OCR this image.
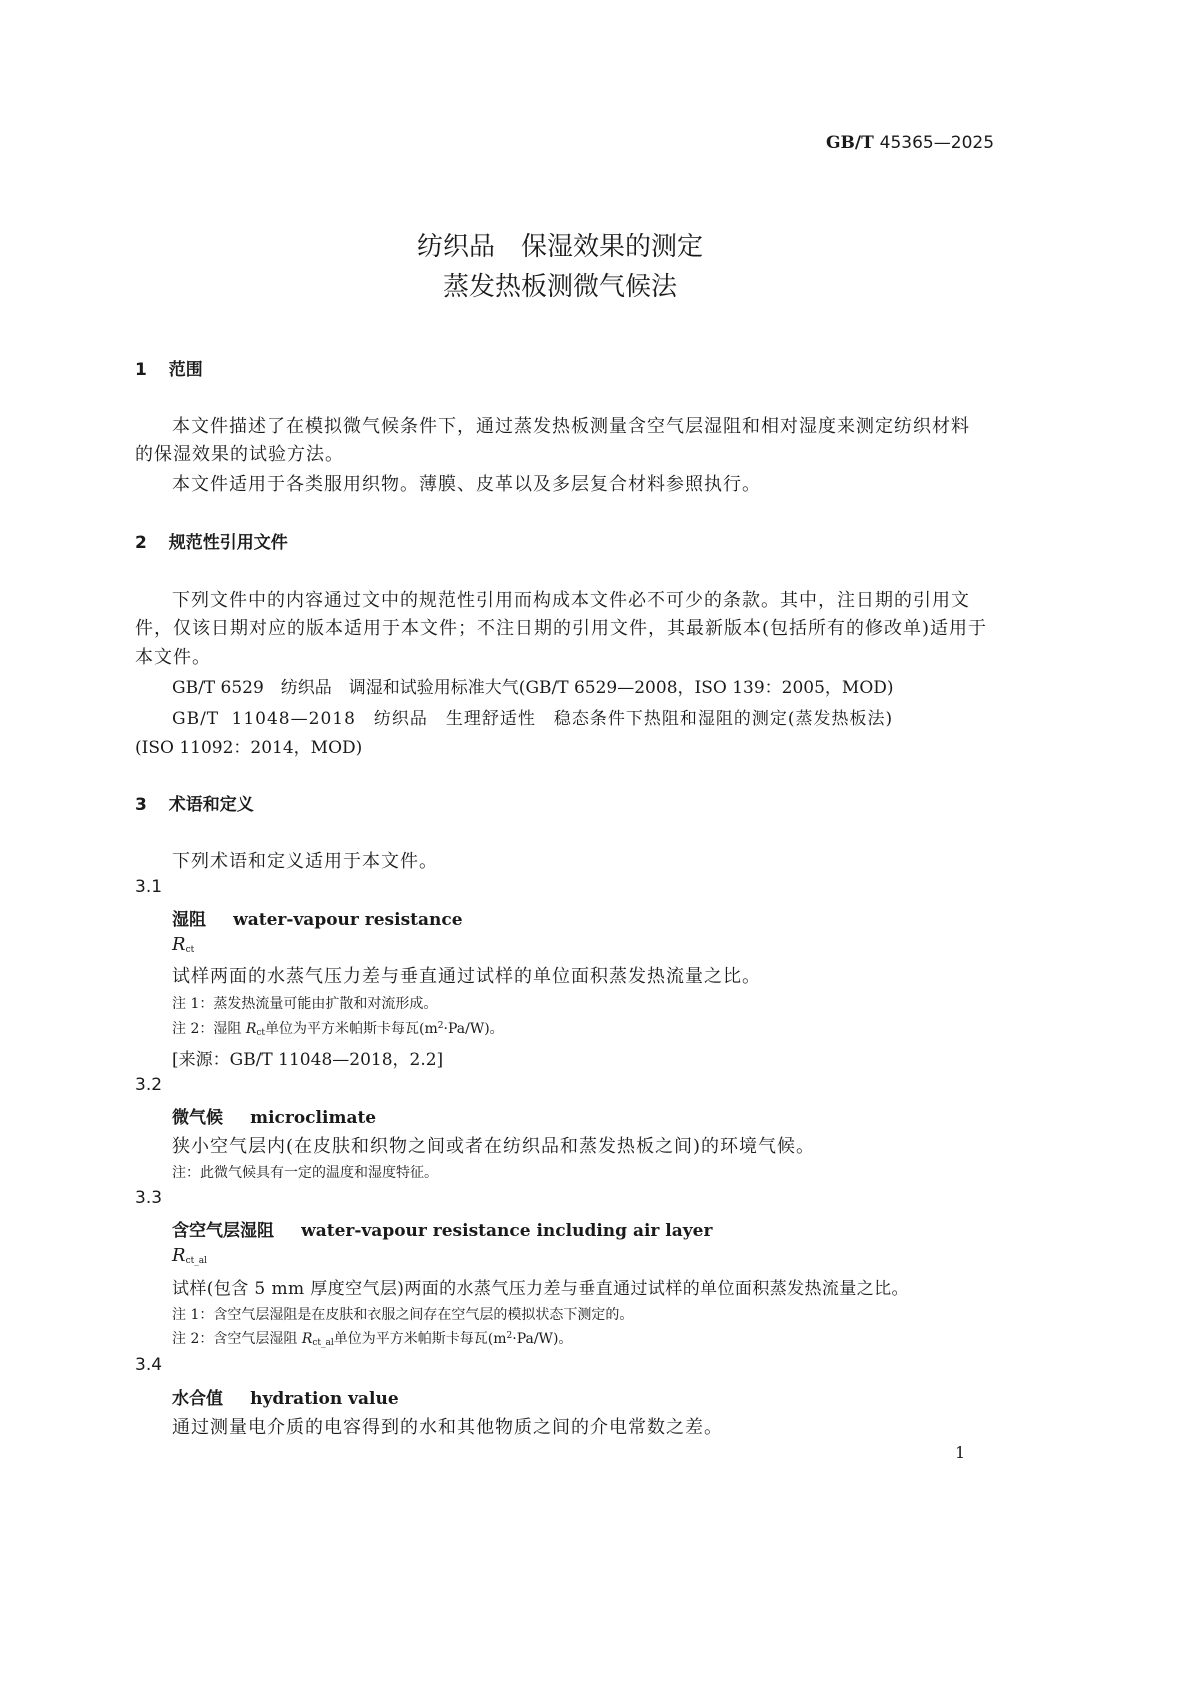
GB/T 45365—2025
纺织品　保湿效果的测定
蒸发热板测微气候法
1 范围
本文件描述了在模拟微气候条件下，通过蒸发热板测量含空气层湿阻和相对湿度来测定纺织材料
的保湿效果的试验方法。
本文件适用于各类服用织物。薄膜、皮革以及多层复合材料参照执行。
2 规范性引用文件
下列文件中的内容通过文中的规范性引用而构成本文件必不可少的条款。其中，注日期的引用文
件，仅该日期对应的版本适用于本文件；不注日期的引用文件，其最新版本(包括所有的修改单)适用于
本文件。
GB/T 6529　纺织品　调湿和试验用标准大气(GB/T 6529—2008，ISO 139：2005，MOD)
GB/T 11048—2018　纺织品　生理舒适性　稳态条件下热阻和湿阻的测定(蒸发热板法)
(ISO 11092：2014，MOD)
3 术语和定义
下列术语和定义适用于本文件。
3.1
湿阻 water-vapour resistance
$R_{ct}$
试样两面的水蒸气压力差与垂直通过试样的单位面积蒸发热流量之比。
注 1：蒸发热流量可能由扩散和对流形成。
注 2：湿阻 $R_{ct}$单位为平方米帕斯卡每瓦$(m^2\cdot Pa/W)$。
[来源：GB/T 11048—2018，2.2]
3.2
微气候 microclimate
狭小空气层内(在皮肤和织物之间或者在纺织品和蒸发热板之间)的环境气候。
注：此微气候具有一定的温度和湿度特征。
3.3
含空气层湿阻 water-vapour resistance including air layer
$R_{ct\_al}$
试样(包含 5 mm 厚度空气层)两面的水蒸气压力差与垂直通过试样的单位面积蒸发热流量之比。
注 1：含空气层湿阻是在皮肤和衣服之间存在空气层的模拟状态下测定的。
注 2：含空气层湿阻 $R_{ct\_al}$单位为平方米帕斯卡每瓦$(m^2\cdot Pa/W)$。
3.4
水合值 hydration value
通过测量电介质的电容得到的水和其他物质之间的介电常数之差。
1
